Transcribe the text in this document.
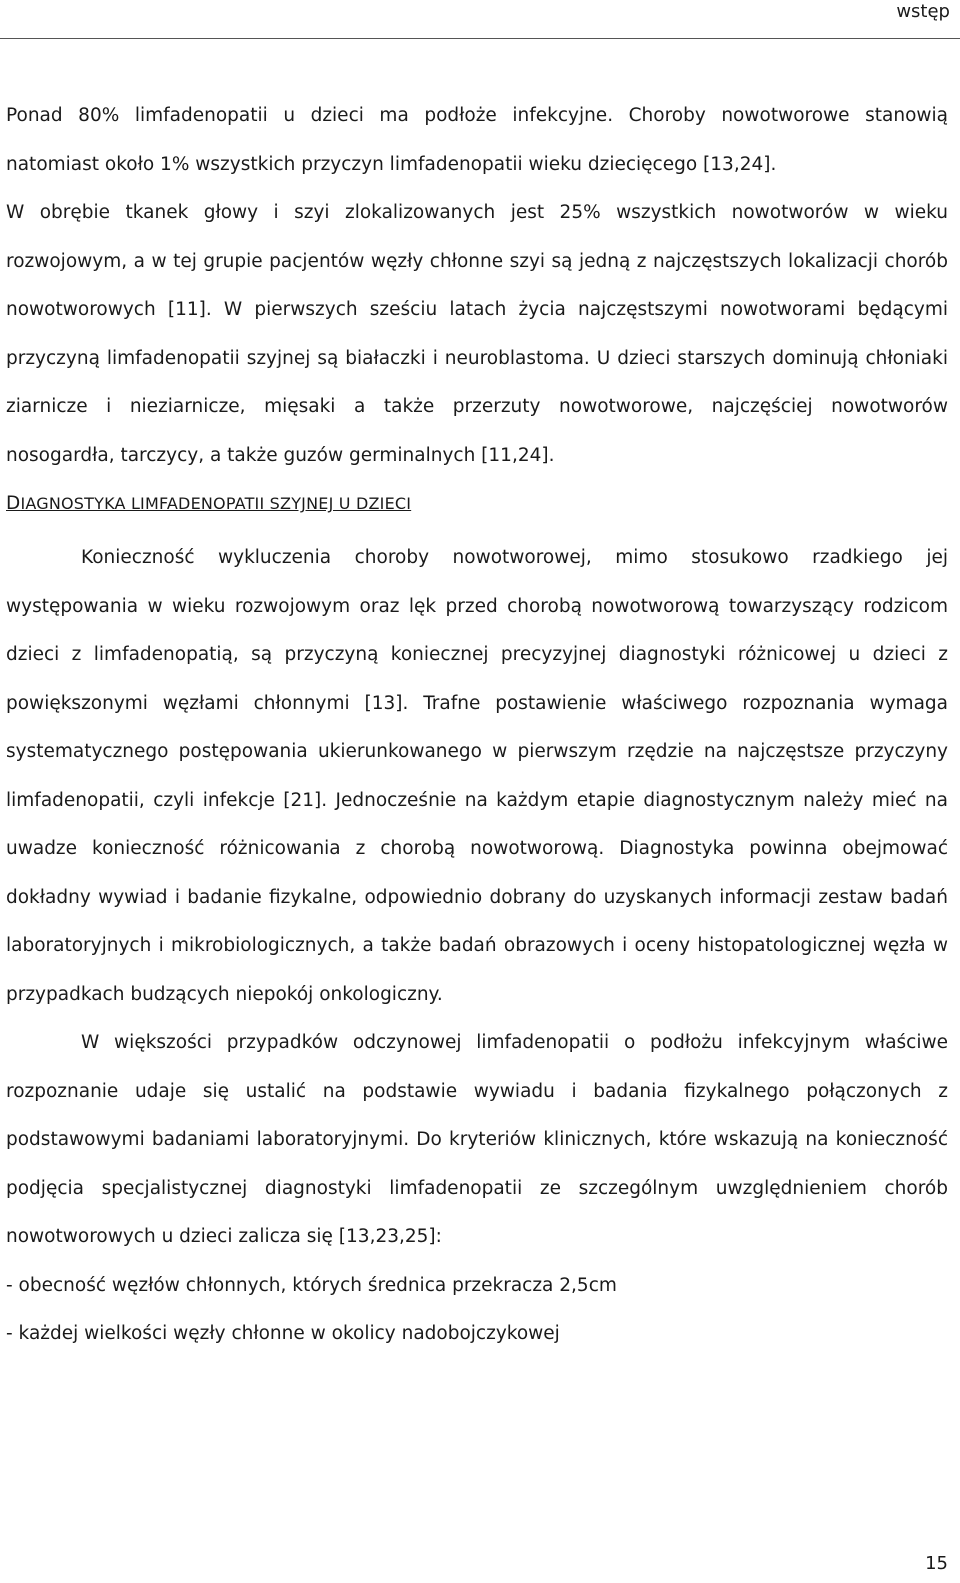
wstęp

Ponad 80% limfadenopatii u dzieci ma podłoże infekcyjne. Choroby nowotworowe stanowią natomiast około 1% wszystkich przyczyn limfadenopatii wieku dziecięcego [13,24].

W obrębie tkanek głowy i szyi zlokalizowanych jest 25% wszystkich nowotworów w wieku rozwojowym, a w tej grupie pacjentów węzły chłonne szyi są jedną z najczęstszych lokalizacji chorób nowotworowych [11]. W pierwszych sześciu latach życia najczęstszymi nowotworami będącymi przyczyną limfadenopatii szyjnej są białaczki i neuroblastoma. U dzieci starszych dominują chłoniaki ziarnicze i nieziarnicze, mięsaki a także przerzuty nowotworowe, najczęściej nowotworów nosogardła, tarczycy, a także guzów germinalnych [11,24].

DIAGNOSTYKA LIMFADENOPATII SZYJNEJ U DZIECI

Konieczność wykluczenia choroby nowotworowej, mimo stosukowo rzadkiego jej występowania w wieku rozwojowym oraz lęk przed chorobą nowotworową towarzyszący rodzicom dzieci z limfadenopatią, są przyczyną koniecznej precyzyjnej diagnostyki różnicowej u dzieci z powiększonymi węzłami chłonnymi [13]. Trafne postawienie właściwego rozpoznania wymaga systematycznego postępowania ukierunkowanego w pierwszym rzędzie na najczęstsze przyczyny limfadenopatii, czyli infekcje [21]. Jednocześnie na każdym etapie diagnostycznym należy mieć na uwadze konieczność różnicowania z chorobą nowotworową. Diagnostyka powinna obejmować dokładny wywiad i badanie fizykalne, odpowiednio dobrany do uzyskanych informacji zestaw badań laboratoryjnych i mikrobiologicznych, a także badań obrazowych i oceny histopatologicznej węzła w przypadkach budzących niepokój onkologiczny.

W większości przypadków odczynowej limfadenopatii o podłożu infekcyjnym właściwe rozpoznanie udaje się ustalić na podstawie wywiadu i badania fizykalnego połączonych z podstawowymi badaniami laboratoryjnymi. Do kryteriów klinicznych, które wskazują na konieczność podjęcia specjalistycznej diagnostyki limfadenopatii ze szczególnym uwzględnieniem chorób nowotworowych u dzieci zalicza się [13,23,25]:

- obecność węzłów chłonnych, których średnica przekracza 2,5cm

- każdej wielkości węzły chłonne w okolicy nadobojczykowej

15
